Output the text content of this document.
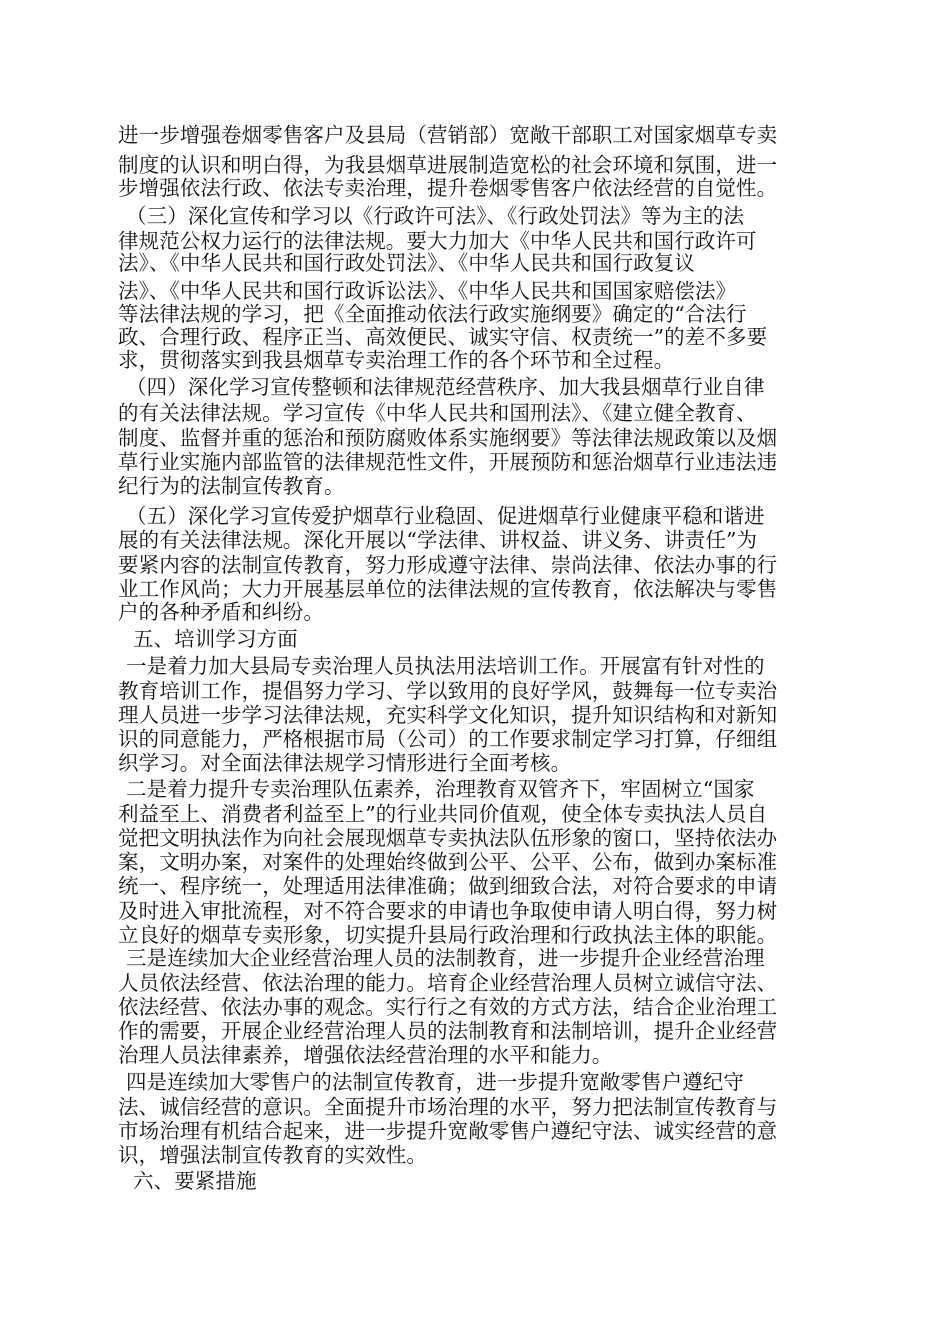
进一步增强卷烟零售客户及县局（营销部）宽敞干部职工对国家烟草专卖
制度的认识和明白得，为我县烟草进展制造宽松的社会环境和氛围，进一
步增强依法行政、依法专卖治理，提升卷烟零售客户依法经营的自觉性。
（三）深化宣传和学习以《行政许可法》、《行政处罚法》等为主的法
律规范公权力运行的法律法规。要大力加大《中华人民共和国行政许可
法》、《中华人民共和国行政处罚法》、《中华人民共和国行政复议
法》、《中华人民共和国行政诉讼法》、《中华人民共和国国家赔偿法》
等法律法规的学习，把《全面推动依法行政实施纲要》确定的“合法行
政、合理行政、程序正当、高效便民、诚实守信、权责统一”的差不多要
求，贯彻落实到我县烟草专卖治理工作的各个环节和全过程。
（四）深化学习宣传整顿和法律规范经营秩序、加大我县烟草行业自律
的有关法律法规。学习宣传《中华人民共和国刑法》、《建立健全教育、
制度、监督并重的惩治和预防腐败体系实施纲要》等法律法规政策以及烟
草行业实施内部监管的法律规范性文件，开展预防和惩治烟草行业违法违
纪行为的法制宣传教育。
（五）深化学习宣传爱护烟草行业稳固、促进烟草行业健康平稳和谐进
展的有关法律法规。深化开展以“学法律、讲权益、讲义务、讲责任”为
要紧内容的法制宣传教育，努力形成遵守法律、崇尚法律、依法办事的行
业工作风尚；大力开展基层单位的法律法规的宣传教育，依法解决与零售
户的各种矛盾和纠纷。
五、培训学习方面
一是着力加大县局专卖治理人员执法用法培训工作。开展富有针对性的
教育培训工作，提倡努力学习、学以致用的良好学风，鼓舞每一位专卖治
理人员进一步学习法律法规，充实科学文化知识，提升知识结构和对新知
识的同意能力，严格根据市局（公司）的工作要求制定学习打算，仔细组
织学习。对全面法律法规学习情形进行全面考核。
二是着力提升专卖治理队伍素养，治理教育双管齐下，牢固树立“国家
利益至上、消费者利益至上”的行业共同价值观，使全体专卖执法人员自
觉把文明执法作为向社会展现烟草专卖执法队伍形象的窗口，坚持依法办
案，文明办案，对案件的处理始终做到公平、公平、公布，做到办案标准
统一、程序统一，处理适用法律准确；做到细致合法，对符合要求的申请
及时进入审批流程，对不符合要求的申请也争取使申请人明白得，努力树
立良好的烟草专卖形象，切实提升县局行政治理和行政执法主体的职能。
三是连续加大企业经营治理人员的法制教育，进一步提升企业经营治理
人员依法经营、依法治理的能力。培育企业经营治理人员树立诚信守法、
依法经营、依法办事的观念。实行行之有效的方式方法，结合企业治理工
作的需要，开展企业经营治理人员的法制教育和法制培训，提升企业经营
治理人员法律素养，增强依法经营治理的水平和能力。
四是连续加大零售户的法制宣传教育，进一步提升宽敞零售户遵纪守
法、诚信经营的意识。全面提升市场治理的水平，努力把法制宣传教育与
市场治理有机结合起来，进一步提升宽敞零售户遵纪守法、诚实经营的意
识，增强法制宣传教育的实效性。
六、要紧措施
